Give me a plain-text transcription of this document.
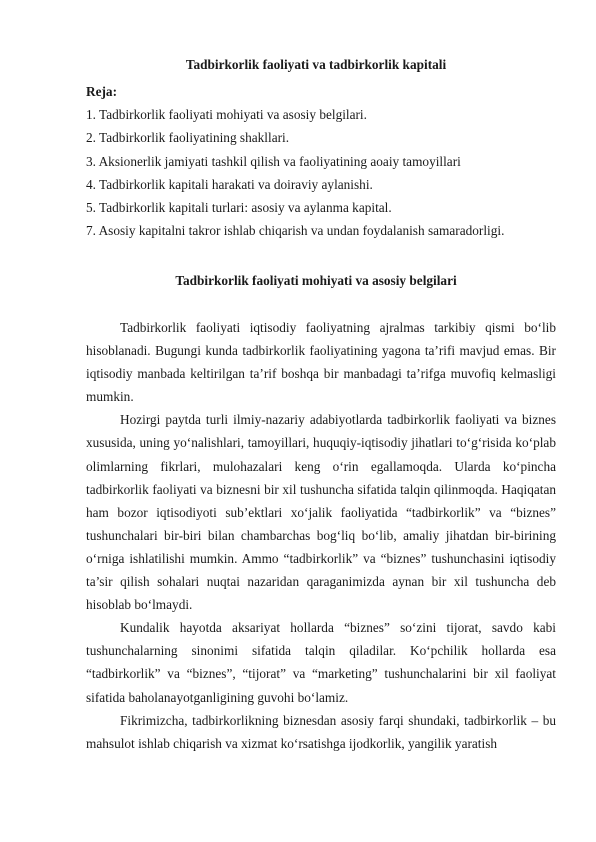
Tadbirkorlik faoliyati va tadbirkorlik kapitali
Reja:
1. Tadbirkorlik faoliyati mohiyati va asosiy belgilari.
2. Tadbirkorlik faoliyatining shakllari.
3. Aksionerlik jamiyati tashkil qilish va faoliyatining aoaiy tamoyillari
4. Tadbirkorlik kapitali harakati va doiraviy aylanishi.
5. Tadbirkorlik kapitali turlari: asosiy va aylanma kapital.
7. Asosiy kapitalni takror ishlab chiqarish va undan foydalanish samaradorligi.
Tadbirkorlik faoliyati mohiyati va asosiy belgilari

Tadbirkorlik faoliyati iqtisodiy faoliyatning ajralmas tarkibiy qismi bo‘lib hisoblanadi. Bugungi kunda tadbirkorlik faoliyatining yagona ta’rifi mavjud emas. Bir iqtisodiy manbada keltirilgan ta’rif boshqa bir manbadagi ta’rifga muvofiq kelmasligi mumkin.

Hozirgi paytda turli ilmiy-nazariy adabiyotlarda tadbirkorlik faoliyati va biznes xususida, uning yo‘nalishlari, tamoyillari, huquqiy-iqtisodiy jihatlari to‘g‘risida ko‘plab olimlarning fikrlari, mulohazalari keng o‘rin egallamoqda. Ularda ko‘pincha tadbirkorlik faoliyati va biznesni bir xil tushuncha sifatida talqin qilinmoqda. Haqiqatan ham bozor iqtisodiyoti sub’ektlari xo‘jalik faoliyatida “tadbirkorlik” va “biznes” tushunchalari bir-biri bilan chambarchas bog‘liq bo‘lib, amaliy jihatdan bir-birining o‘rniga ishlatilishi mumkin. Ammo “tadbirkorlik” va “biznes” tushunchasini iqtisodiy ta’sir qilish sohalari nuqtai nazaridan qaraganimizda aynan bir xil tushuncha deb hisoblab bo‘lmaydi.

Kundalik hayotda aksariyat hollarda “biznes” so‘zini tijorat, savdo kabi tushunchalarning sinonimi sifatida talqin qiladilar. Ko‘pchilik hollarda esa “tadbirkorlik” va “biznes”, “tijorat” va “marketing” tushunchalarini bir xil faoliyat sifatida baholanayotganligining guvohi bo‘lamiz.

Fikrimizcha, tadbirkorlikning biznesdan asosiy farqi shundaki, tadbirkorlik – bu mahsulot ishlab chiqarish va xizmat ko‘rsatishga ijodkorlik, yangilik yaratish
